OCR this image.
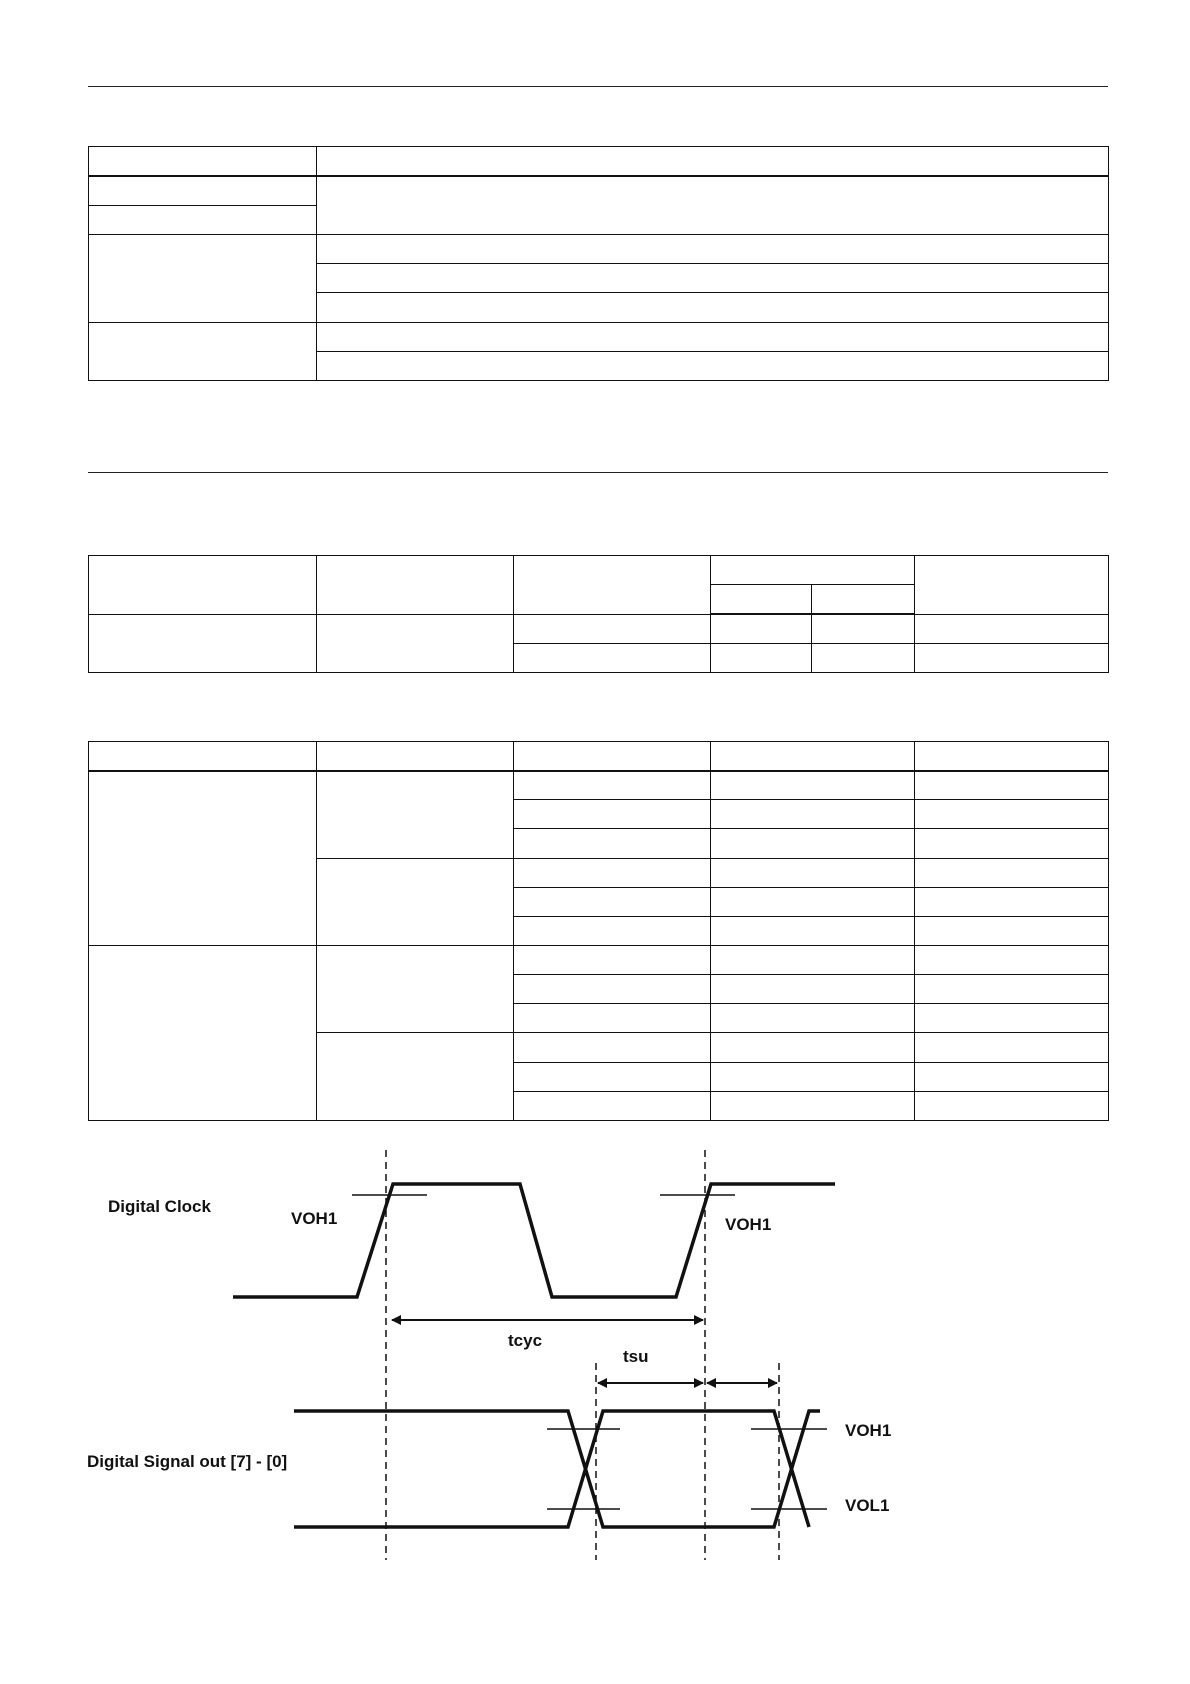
Digital Clock
VOH1	VOH1
tcyc
tsu
Digital Signal out [7] - [0]
VOH1
VOL1
